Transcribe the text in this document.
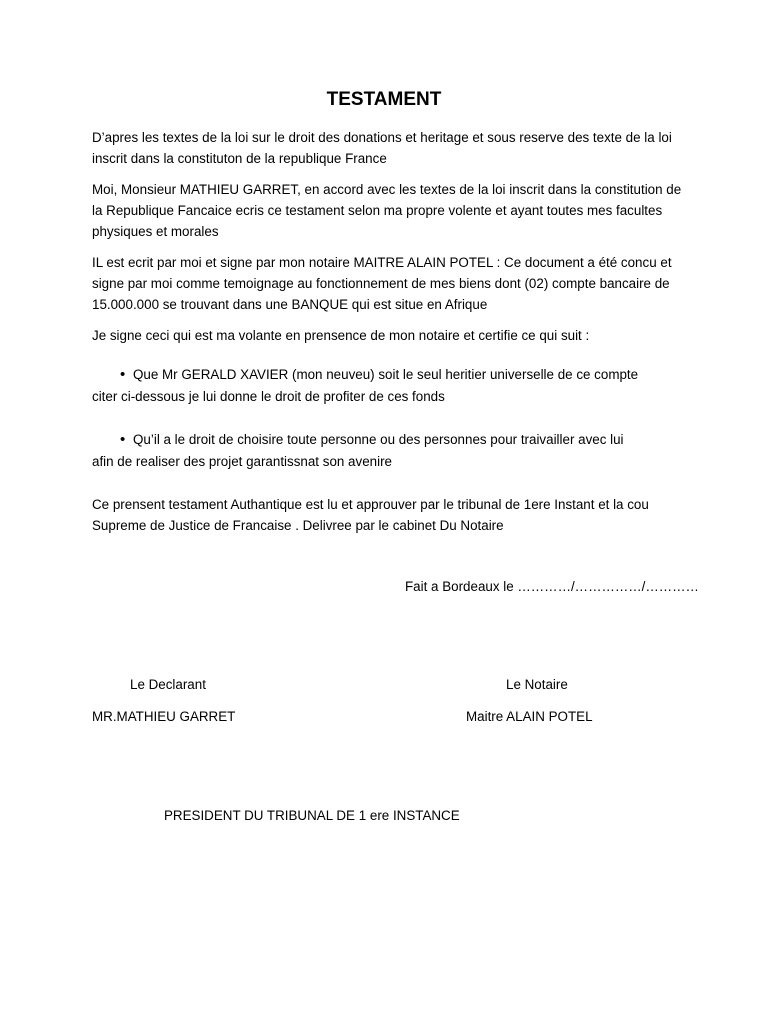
TESTAMENT

D’apres les textes de la loi sur le droit des donations et heritage et sous reserve des texte de la loi inscrit dans la constituton de la republique France

Moi, Monsieur MATHIEU GARRET, en accord avec les textes de la loi inscrit dans la constitution de la Republique Fancaice ecris ce testament selon ma propre volente et ayant toutes mes facultes physiques et morales

IL est ecrit par moi et signe par mon notaire MAITRE ALAIN POTEL : Ce document a été concu et signe par moi comme temoignage au fonctionnement de mes biens dont (02) compte bancaire de 15.000.000 se trouvant dans une BANQUE qui est situe en Afrique

Je signe ceci qui est ma volante en prensence de mon notaire et certifie ce qui suit :

• Que Mr GERALD XAVIER (mon neuveu) soit le seul heritier universelle de ce compte
citer ci-dessous je lui donne le droit de profiter de ces fonds
• Qu’il a le droit de choisire toute personne ou des personnes pour traivailler avec lui
afin de realiser des projet garantissnat son avenire

Ce prensent testament Authantique est lu et approuver par le tribunal de 1ere Instant et la cou Supreme de Justice de Francaise . Delivree par le cabinet Du Notaire

Fait a Bordeaux le …………/……………/…………
Le Declarant	Le Notaire
MR.MATHIEU GARRET	Maitre ALAIN POTEL
PRESIDENT DU TRIBUNAL DE 1 ere INSTANCE
